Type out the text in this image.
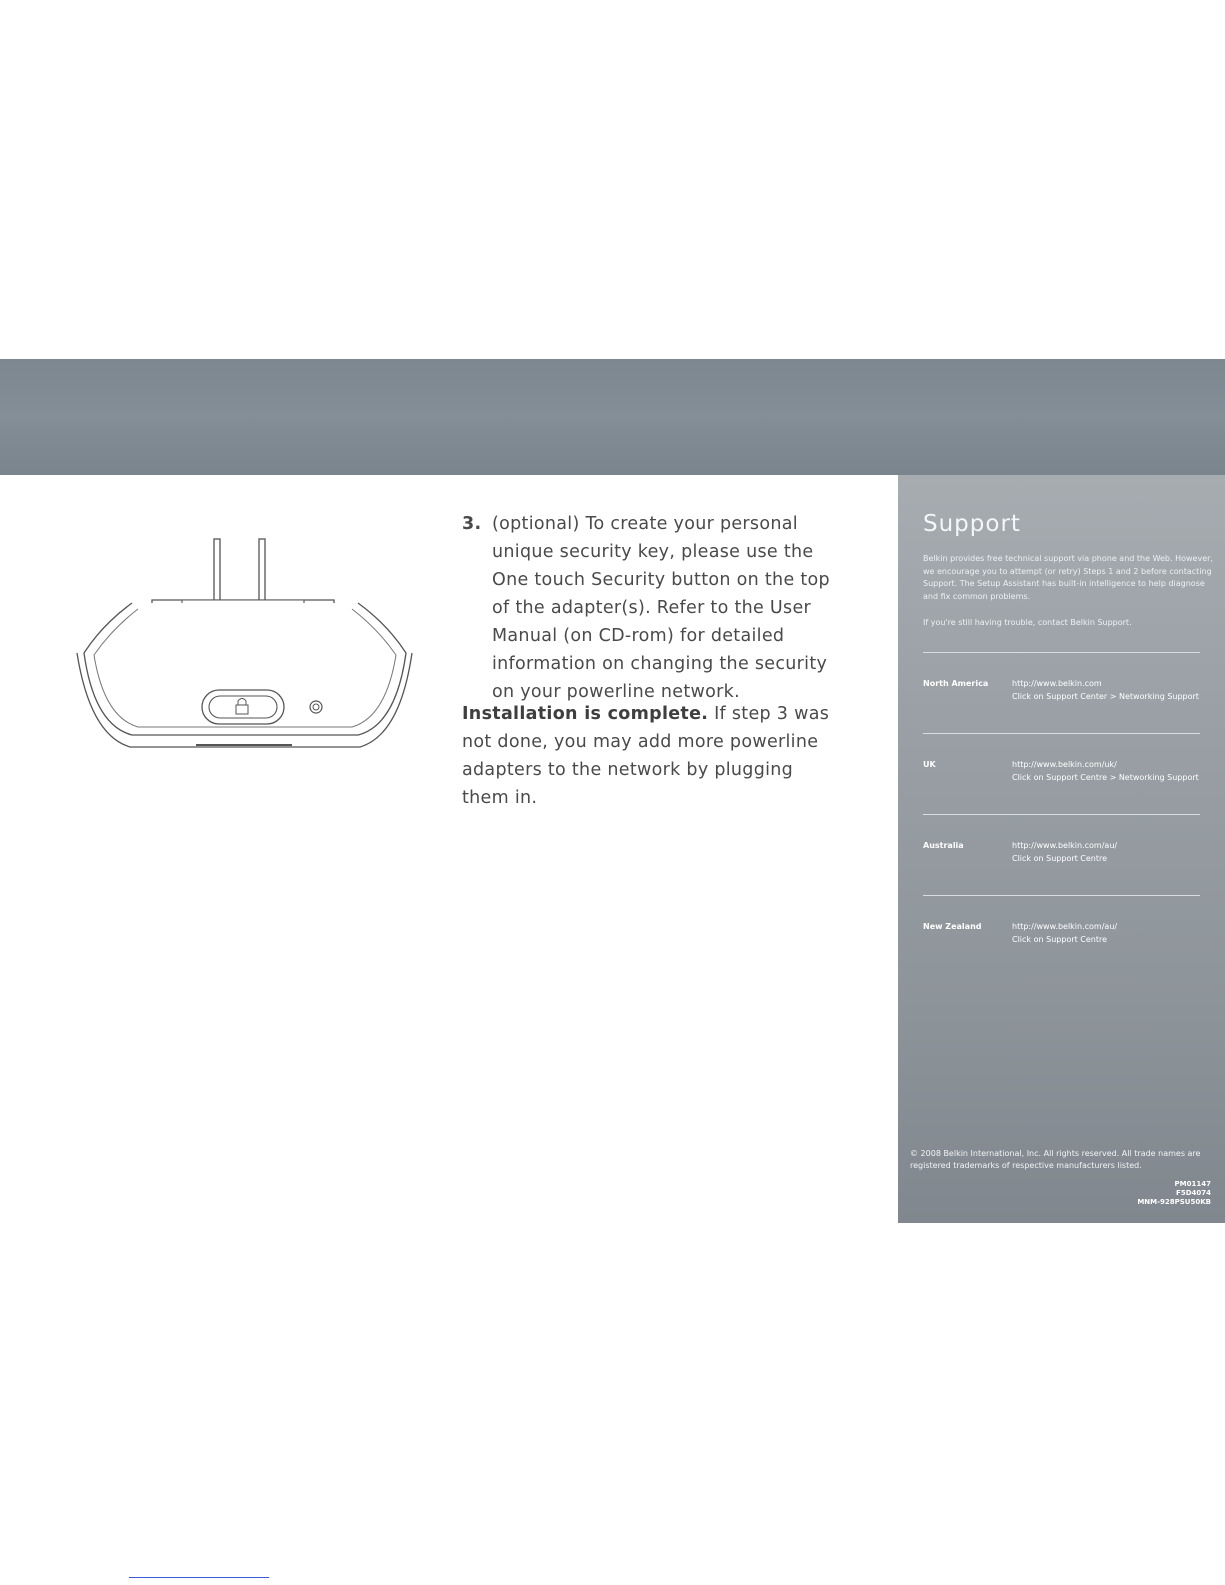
3. (optional) To create your personal unique security key, please use the One touch Security button on the top of the adapter(s). Refer to the User Manual (on CD-rom) for detailed information on changing the security on your powerline network.
Installation is complete. If step 3 was not done, you may add more powerline adapters to the network by plugging them in.
Support
Belkin provides free technical support via phone and the Web. However, we encourage you to attempt (or retry) Steps 1 and 2 before contacting Support. The Setup Assistant has built-in intelligence to help diagnose and fix common problems.
If you're still having trouble, contact Belkin Support.
North America	http://www.belkin.com
Click on Support Center > Networking Support
UK	http://www.belkin.com/uk/
Click on Support Centre > Networking Support
Australia	http://www.belkin.com/au/
Click on Support Centre
New Zealand	http://www.belkin.com/au/
Click on Support Centre
© 2008 Belkin International, Inc. All rights reserved. All trade names are registered trademarks of respective manufacturers listed.
PM01147
F5D4074
MNM-928PSU50KB
